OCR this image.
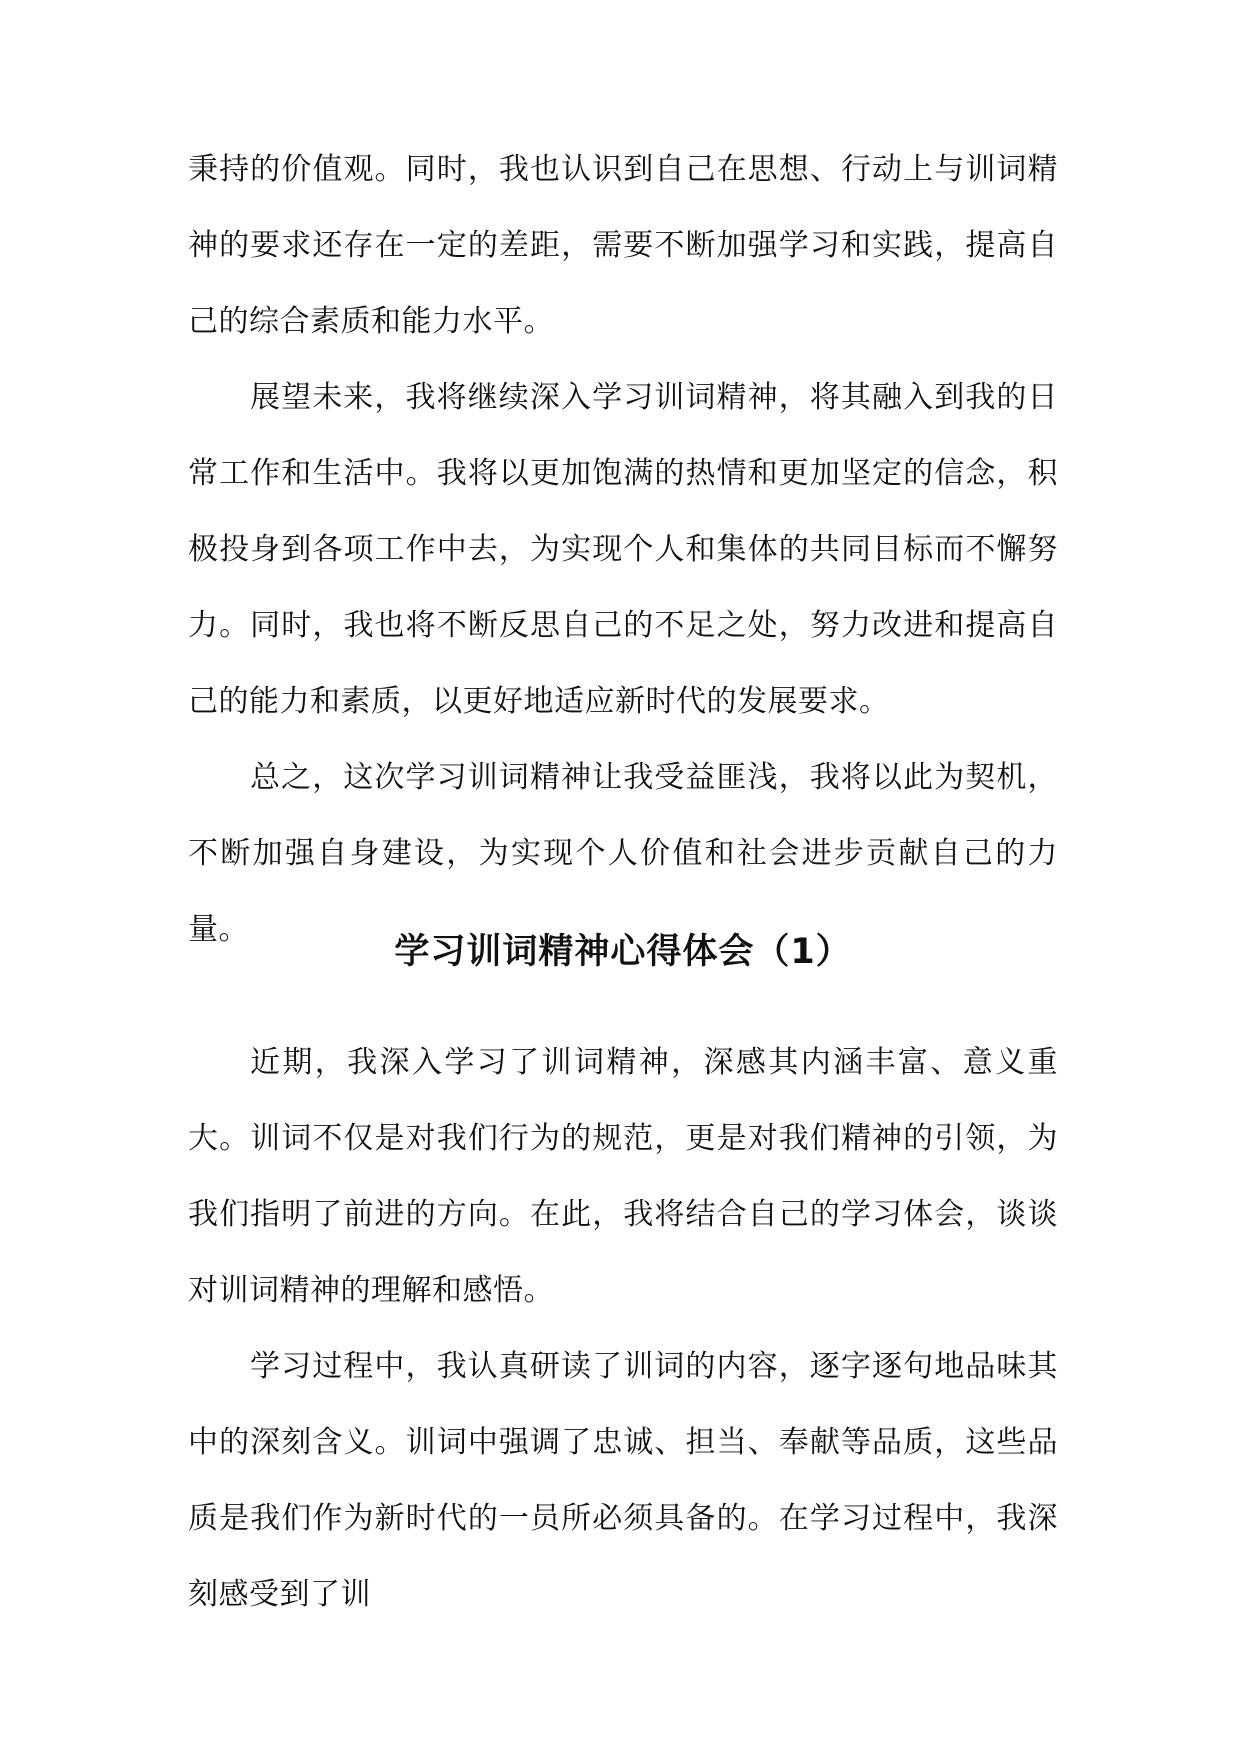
秉持的价值观。同时，我也认识到自己在思想、行动上与训词精神的要求还存在一定的差距，需要不断加强学习和实践，提高自己的综合素质和能力水平。

展望未来，我将继续深入学习训词精神，将其融入到我的日常工作和生活中。我将以更加饱满的热情和更加坚定的信念，积极投身到各项工作中去，为实现个人和集体的共同目标而不懈努力。同时，我也将不断反思自己的不足之处，努力改进和提高自己的能力和素质，以更好地适应新时代的发展要求。

总之，这次学习训词精神让我受益匪浅，我将以此为契机，不断加强自身建设，为实现个人价值和社会进步贡献自己的力量。

学习训词精神心得体会（1）

近期，我深入学习了训词精神，深感其内涵丰富、意义重大。训词不仅是对我们行为的规范，更是对我们精神的引领，为我们指明了前进的方向。在此，我将结合自己的学习体会，谈谈对训词精神的理解和感悟。

学习过程中，我认真研读了训词的内容，逐字逐句地品味其中的深刻含义。训词中强调了忠诚、担当、奉献等品质，这些品质是我们作为新时代的一员所必须具备的。在学习过程中，我深刻感受到了训
